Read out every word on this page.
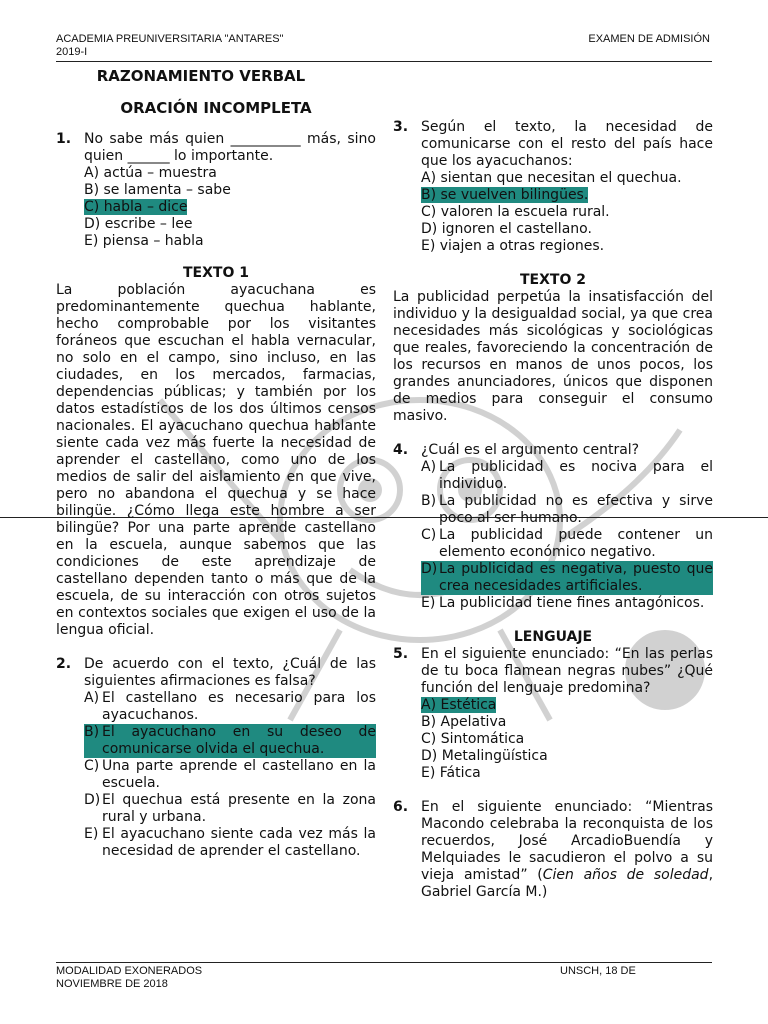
ACADEMIA PREUNIVERSITARIA "ANTARES"
2019-I
EXAMEN DE ADMISIÓN

RAZONAMIENTO VERBAL

ORACIÓN INCOMPLETA

1. No sabe más quien __________ más, sino quien ______ lo importante.

A) actúa – muestra

B) se lamenta – sabe

C) habla – dice

D) escribe – lee

E) piensa – habla

TEXTO 1

La población ayacuchana es predominantemente quechua hablante, hecho comprobable por los visitantes foráneos que escuchan el habla vernacular, no solo en el campo, sino incluso, en las ciudades, en los mercados, farmacias, dependencias públicas; y también por los datos estadísticos de los dos últimos censos nacionales. El ayacuchano quechua hablante siente cada vez más fuerte la necesidad de aprender el castellano, como uno de los medios de salir del aislamiento en que vive, pero no abandona el quechua y se hace bilingüe. ¿Cómo llega este hombre a ser bilingüe? Por una parte aprende castellano en la escuela, aunque sabemos que las condiciones de este aprendizaje de castellano dependen tanto o más que de la escuela, de su interacción con otros sujetos en contextos sociales que exigen el uso de la lengua oficial.

2. De acuerdo con el texto, ¿Cuál de las siguientes afirmaciones es falsa?

A) El castellano es necesario para los ayacuchanos.
B) El ayacuchano en su deseo de comunicarse olvida el quechua.
C) Una parte aprende el castellano en la escuela.
D) El quechua está presente en la zona rural y urbana.
E) El ayacuchano siente cada vez más la necesidad de aprender el castellano.
3. Según el texto, la necesidad de comunicarse con el resto del país hace que los ayacuchanos:

A) sientan que necesitan el quechua.

B) se vuelven bilingües.

C) valoren la escuela rural.

D) ignoren el castellano.

E) viajen a otras regiones.

TEXTO 2

La publicidad perpetúa la insatisfacción del individuo y la desigualdad social, ya que crea necesidades más sicológicas y sociológicas que reales, favoreciendo la concentración de los recursos en manos de unos pocos, los grandes anunciadores, únicos que disponen de medios para conseguir el consumo masivo.

4. ¿Cuál es el argumento central?

A) La publicidad es nociva para el individuo.
B) La publicidad no es efectiva y sirve poco al ser humano.
C) La publicidad puede contener un elemento económico negativo.
D) La publicidad es negativa, puesto que crea necesidades artificiales.
E) La publicidad tiene fines antagónicos.

LENGUAJE

5. En el siguiente enunciado: “En las perlas de tu boca flamean negras nubes” ¿Qué función del lenguaje predomina?

A) Estética

B) Apelativa

C) Sintomática

D) Metalingüística

E) Fática

6. En el siguiente enunciado: “Mientras Macondo celebraba la reconquista de los recuerdos, José ArcadioBuendía y Melquiades le sacudieron el polvo a su vieja amistad” (Cien años de soledad, Gabriel García M.)

MODALIDAD EXONERADOS
NOVIEMBRE DE 2018
UNSCH, 18 DE
